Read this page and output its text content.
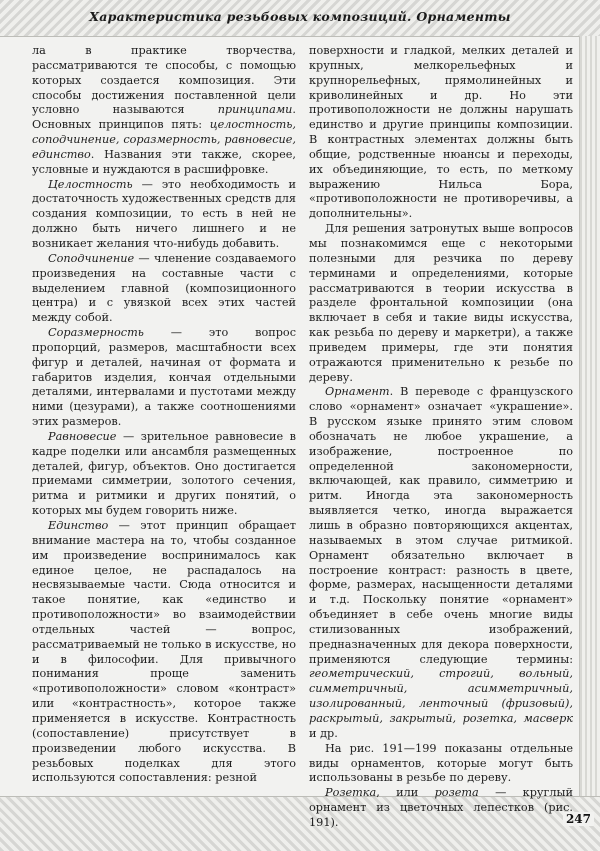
Характеристика резьбовых композиций. Орнаменты
247

ла в практике творчества, рассматриваются те способы, с помощью которых создается композиция. Эти способы достижения поставленной цели условно называются принципами. Основных принципов пять: целостность, соподчинение, соразмерность, равновесие, единство. Названия эти также, скорее, условные и нуждаются в расшифровке.

Целостность — это необходимость и достаточность художественных средств для создания композиции, то есть в ней не должно быть ничего лишнего и не возникает желания что-нибудь добавить.

Соподчинение — членение создаваемого произведения на составные части с выделением главной (композиционного центра) и с увязкой всех этих частей между собой.

Соразмерность — это вопрос пропорций, размеров, масштабности всех фигур и деталей, начиная от формата и габаритов изделия, кончая отдельными деталями, интервалами и пустотами между ними (цезурами), а также соотношениями этих размеров.

Равновесие — зрительное равновесие в кадре поделки или ансамбля размещенных деталей, фигур, объектов. Оно достигается приемами симметрии, золотого сечения, ритма и ритмики и других понятий, о которых мы будем говорить ниже.

Единство — этот принцип обращает внимание мастера на то, чтобы созданное им произведение воспринималось как единое целое, не распадалось на несвязываемые части. Сюда относится и такое понятие, как «единство и противоположности» во взаимодействии отдельных частей — вопрос, рассматриваемый не только в искусстве, но и в философии. Для привычного понимания проще заменить «противоположности» словом «контраст» или «контрастность», которое также применяется в искусстве. Контрастность (сопоставление) присутствует в произведении любого искусства. В резьбовых поделках для этого используются сопоставления: резной

поверхности и гладкой, мелких деталей и крупных, мелкорельефных и крупнорельефных, прямолинейных и криволинейных и др. Но эти противоположности не должны нарушать единство и другие принципы композиции. В контрастных элементах должны быть общие, родственные нюансы и переходы, их объединяющие, то есть, по меткому выражению Нильса Бора, «противоположности не противоречивы, а дополнительны».

Для решения затронутых выше вопросов мы познакомимся еще с некоторыми полезными для резчика по дереву терминами и определениями, которые рассматриваются в теории искусства в разделе фронтальной композиции (она включает в себя и такие виды искусства, как резьба по дереву и маркетри), а также приведем примеры, где эти понятия отражаются применительно к резьбе по дереву.

Орнамент. В переводе с французского слово «орнамент» означает «украшение». В русском языке принято этим словом обозначать не любое украшение, а изображение, построенное по определенной закономерности, включающей, как правило, симметрию и ритм. Иногда эта закономерность выявляется четко, иногда выражается лишь в образно повторяющихся акцентах, называемых в этом случае ритмикой. Орнамент обязательно включает в построение контраст: разность в цвете, форме, размерах, насыщенности деталями и т.д. Поскольку понятие «орнамент» объединяет в себе очень многие виды стилизованных изображений, предназначенных для декора поверхности, применяются следующие термины: геометрический, строгий, вольный, симметричный, асимметричный, изолированный, ленточный (фризовый), раскрытый, закрытый, розетка, масверк и др.

На рис. 191—199 показаны отдельные виды орнаментов, которые могут быть использованы в резьбе по дереву.

Розетка, или розета — круглый орнамент из цветочных лепестков (рис. 191).
